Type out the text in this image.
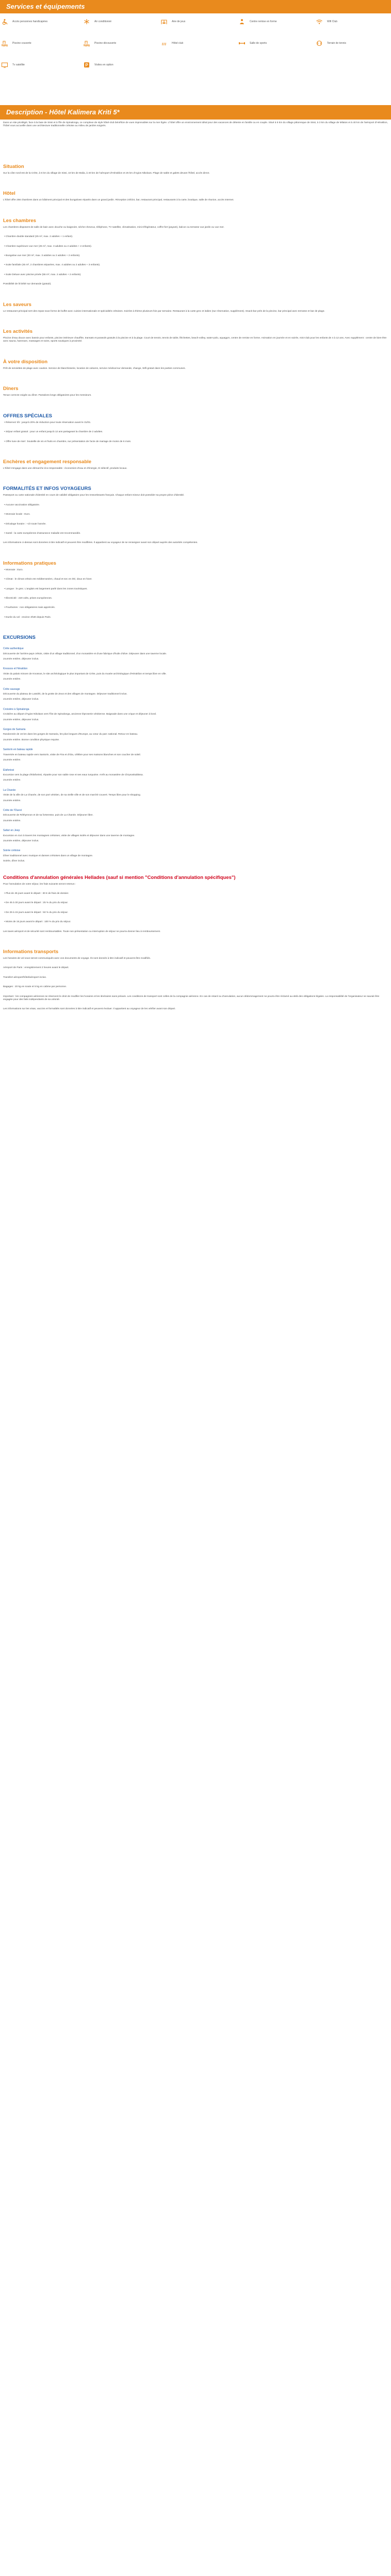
Services et équipements
Accès personnes handicapées	Air conditionné	Aire de jeux	Centre remise en forme	Wifi Club
Piscine couverte	Piscine découverte	Hôtel club	Salle de sports	Terrain de tennis
Tv satellite	P Visites en option
Description - Hôtel Kalimera Kriti 5*

Dans un site privilégié, face à la baie de Sissi et à l'île de Spinalonga, ce complexe de style hôtel-club bénéficie de vues imprenables sur la mer Égée. L'hôtel offre un environnement idéal pour des vacances de détente en famille ou en couple. Situé à 5 km du village pittoresque de Sissi, à 3 km du village de Milatos et à 40 km de l'aéroport d'Héraklion, l'hôtel vous accueille dans une architecture traditionnelle crétoise au milieu de jardins soignés.

Situation

Sur la côte nord-est de la Crète, à 5 km du village de Sissi, 10 km de Malia, à 40 km de l'aéroport d'Héraklion et 25 km d'Agios Nikolaos. Plage de sable et galets devant l'hôtel, accès direct.

Hôtel

L'hôtel offre 256 chambres dans un bâtiment principal et des bungalows répartis dans un grand jardin. Réception 24h/24, bar, restaurant principal, restaurants à la carte, boutique, salle de réunion, accès Internet.

Les chambres

Les chambres disposent de salle de bain avec douche ou baignoire, sèche-cheveux, téléphone, TV satellite, climatisation, mini-réfrigérateur, coffre-fort (payant), balcon ou terrasse vue jardin ou vue mer.

• Chambre double standard (25 m², max. 2 adultes + 1 enfant).

• Chambre supérieure vue mer (25 m², max. 3 adultes ou 2 adultes + 2 enfants).

• Bungalow vue mer (30 m², max. 3 adultes ou 2 adultes + 2 enfants).

• Suite familiale (45 m², 2 chambres séparées, max. 4 adultes ou 2 adultes + 3 enfants).

• Suite Deluxe avec piscine privée (55 m², max. 2 adultes + 2 enfants).

Possibilité de lit bébé sur demande (gratuit).

Les saveurs

Le restaurant principal sert des repas sous forme de buffet avec cuisine internationale et spécialités crétoises. Soirées à thème plusieurs fois par semaine. Restaurant à la carte grec et italien (sur réservation, supplément). Snack-bar près de la piscine, bar principal avec terrasse et bar de plage.

Les activités

Piscine d'eau douce avec bassin pour enfants, piscine intérieure chauffée, transats et parasols gratuits à la piscine et à la plage. Court de tennis, tennis de table, fléchettes, beach-volley, water-polo, aquagym, centre de remise en forme. Animation en journée et en soirée, mini-club pour les enfants de 4 à 12 ans. Avec supplément : centre de bien-être avec sauna, hammam, massages et soins, sports nautiques à proximité.

À votre disposition

Prêt de serviettes de plage avec caution. Service de blanchisserie, location de voitures, service médical sur demande, change, Wifi gratuit dans les parties communes.

Dîners

Tenue correcte exigée au dîner. Pantalons longs obligatoires pour les messieurs.

OFFRES SPÉCIALES

• Réservez tôt : jusqu'à 20% de réduction pour toute réservation avant le 31/01.

• Séjour enfant gratuit : pour un enfant jusqu'à 12 ans partageant la chambre de 2 adultes.

• Offre lune de miel : bouteille de vin et fruits en chambre, sur présentation de l'acte de mariage de moins de 6 mois.

Enchères et engagement responsable

L'hôtel s'engage dans une démarche éco-responsable : économies d'eau et d'énergie, tri sélectif, produits locaux.

FORMALITÉS ET INFOS VOYAGEURS

Passeport ou carte nationale d'identité en cours de validité obligatoire pour les ressortissants français. Chaque enfant mineur doit posséder sa propre pièce d'identité.

• Aucune vaccination obligatoire.

• Monnaie locale : Euro.

• Décalage horaire : +1h toute l'année.

• Santé : la carte européenne d'assurance maladie est recommandée.

Les informations ci-dessus sont données à titre indicatif et peuvent être modifiées. Il appartient au voyageur de se renseigner avant son départ auprès des autorités compétentes.

Informations pratiques

• Monnaie : Euro.

• Climat : le climat crétois est méditerranéen, chaud et sec en été, doux en hiver.

• Langue : le grec. L'anglais est largement parlé dans les zones touristiques.

• Électricité : 220 volts, prises européennes.

• Pourboires : non obligatoires mais appréciés.

• Durée du vol : environ 3h30 depuis Paris.

EXCURSIONS
Crète authentique

Découverte de l'arrière-pays crétois, visite d'un village traditionnel, d'un monastère et d'une fabrique d'huile d'olive. Déjeuner dans une taverne locale.

Journée entière, déjeuner inclus.

Knossos et Héraklion

Visite du palais minoen de Knossos, le site archéologique le plus important de Crète, puis du musée archéologique d'Héraklion et temps libre en ville.

Journée entière.

Crète sauvage

Découverte du plateau de Lassithi, de la grotte de Zeus et des villages de montagne. Déjeuner traditionnel inclus.

Journée entière, déjeuner inclus.

Croisière à Spinalonga

Croisière au départ d'Agios Nikolaos vers l'îlot de Spinalonga, ancienne léproserie vénitienne. Baignade dans une crique et déjeuner à bord.

Journée entière, déjeuner inclus.

Gorges de Samaria

Randonnée de 16 km dans les gorges de Samaria, les plus longues d'Europe, au cœur du parc national. Retour en bateau.

Journée entière. Bonne condition physique requise.

Santorin en bateau rapide

Traversée en bateau rapide vers Santorin, visite de Fira et d'Oia, célèbre pour ses maisons blanches et son coucher de soleil.

Journée entière.

Elafonissi

Excursion vers la plage d'Elafonissi, réputée pour son sable rose et ses eaux turquoise. Arrêt au monastère de Chrysoskalitissa.

Journée entière.

La Chanée

Visite de la ville de La Chanée, de son port vénitien, de sa vieille ville et de son marché couvert. Temps libre pour le shopping.

Journée entière.

Crète de l'Ouest

Découverte de Réthymnon et de sa forteresse, puis de La Chanée. Déjeuner libre.

Journée entière.

Safari en Jeep

Excursion en 4x4 à travers les montagnes crétoises, visite de villages isolés et déjeuner dans une taverne de montagne.

Journée entière, déjeuner inclus.

Soirée crétoise

Dîner traditionnel avec musique et danses crétoises dans un village de montagne.

Soirée, dîner inclus.

Conditions d'annulation générales Hellades (sauf si mention "Conditions d'annulation spécifiques")

Pour l'annulation de votre séjour, les frais suivants seront retenus :

• Plus de 45 jours avant le départ : 30 € de frais de dossier.

• De 45 à 30 jours avant le départ : 25 % du prix du séjour.

• De 29 à 15 jours avant le départ : 50 % du prix du séjour.

• Moins de 15 jours avant le départ : 100 % du prix du séjour.

Les taxes aéroport et de sécurité sont remboursables. Toute non-présentation ou interruption de séjour ne pourra donner lieu à remboursement.

Informations transports

Les horaires de vol vous seront communiqués avec vos documents de voyage. Ils sont donnés à titre indicatif et peuvent être modifiés.

Aéroport de Paris : enregistrement 2 heures avant le départ.

Transfert aéroport/hôtel/aéroport inclus.

Bagages : 20 kg en soute et 5 kg en cabine par personne.

Important : les compagnies aériennes se réservent le droit de modifier les horaires et les itinéraires sans préavis. Les conditions de transport sont celles de la compagnie aérienne. En cas de retard ou d'annulation, aucun dédommagement ne pourra être réclamé au-delà des obligations légales. La responsabilité de l'organisateur ne saurait être engagée pour des faits indépendants de sa volonté.

Les informations sur les visas, vaccins et formalités sont données à titre indicatif et peuvent évoluer. Il appartient au voyageur de les vérifier avant son départ.
